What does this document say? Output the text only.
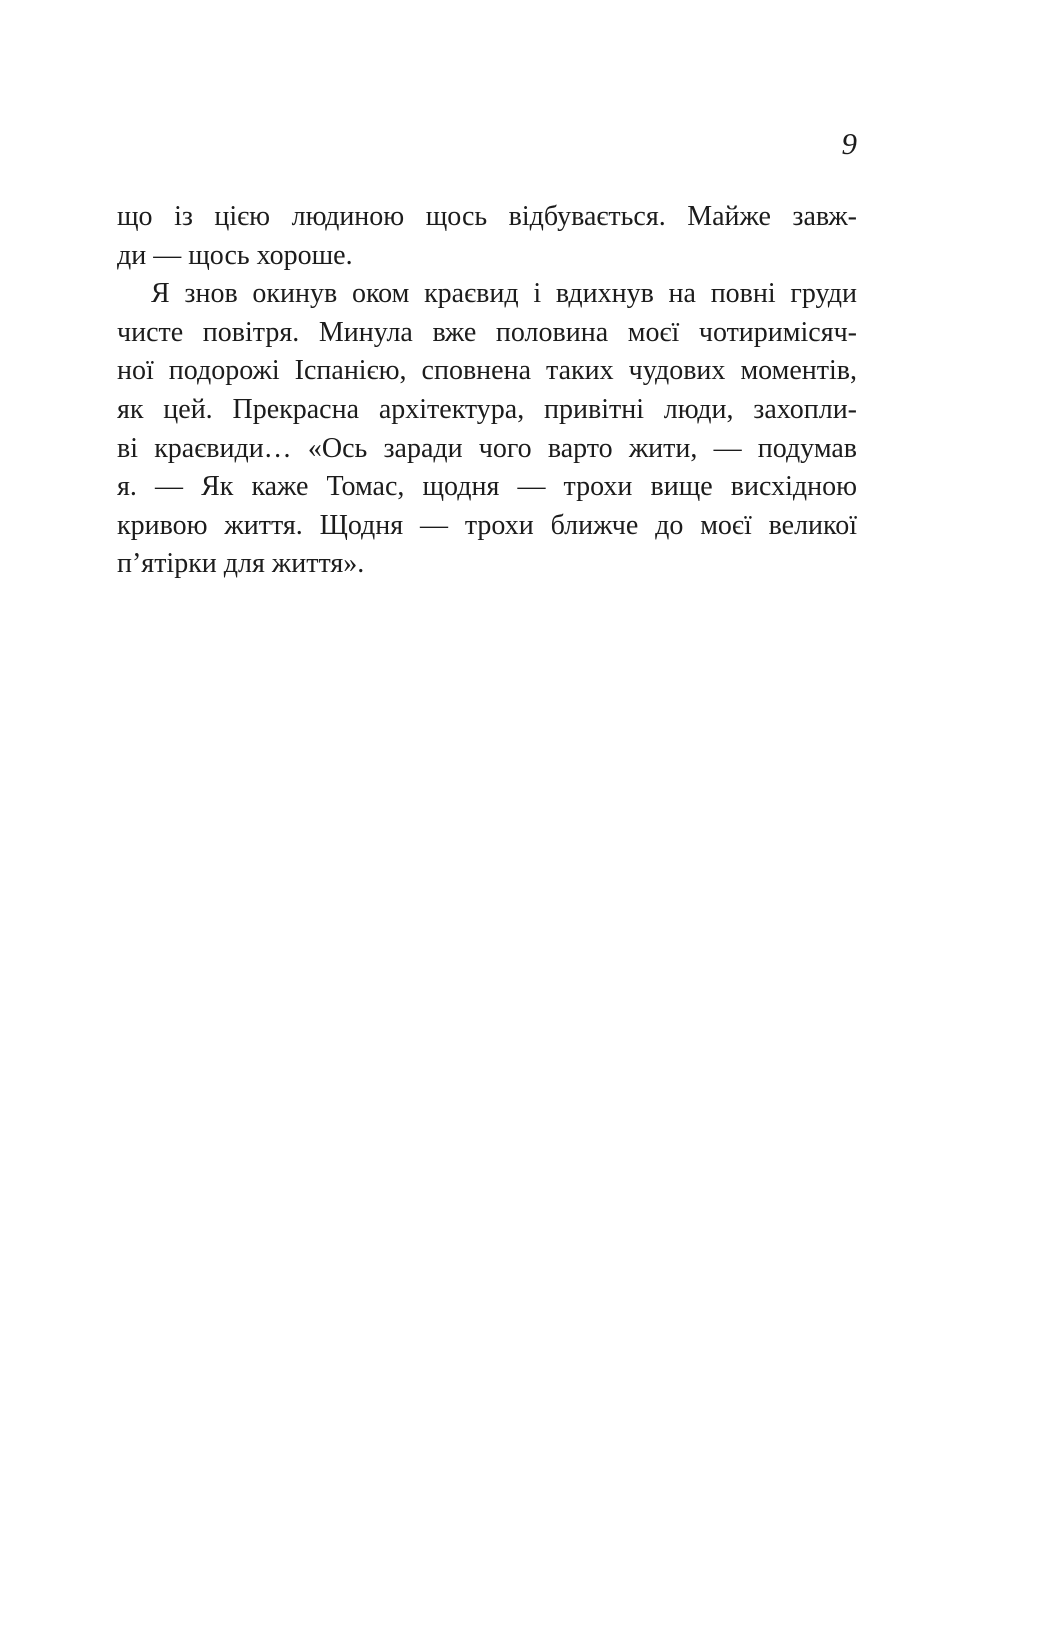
9
що із цією людиною щось відбувається. Майже завж-
ди — щось хороше.
Я знов окинув оком краєвид і вдихнув на повні груди
чисте повітря. Минула вже половина моєї чотиримісяч-
ної подорожі Іспанією, сповнена таких чудових моментів,
як цей. Прекрасна архітектура, привітні люди, захопли-
ві краєвиди… «Ось заради чого варто жити, — подумав
я. — Як каже Томас, щодня — трохи вище висхідною
кривою життя. Щодня — трохи ближче до моєї великої
п’ятірки для життя».
